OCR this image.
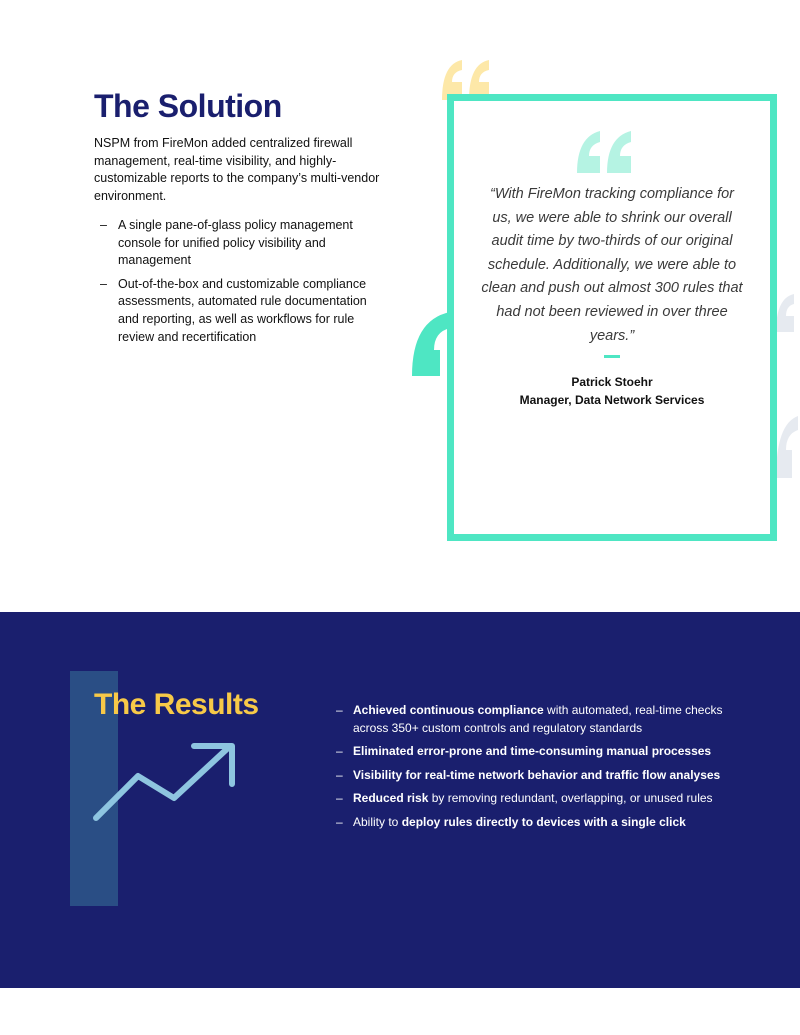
The Solution

NSPM from FireMon added centralized firewall management, real-time visibility, and highly-customizable reports to the company’s multi-vendor environment.

– A single pane-of-glass policy management console for unified policy visibility and management
– Out-of-the-box and customizable compliance assessments, automated rule documentation and reporting, as well as workflows for rule review and recertification

“With FireMon tracking compliance for us, we were able to shrink our overall audit time by two-thirds of our original schedule. Additionally, we were able to clean and push out almost 300 rules that had not been reviewed in over three years.”

Patrick Stoehr
Manager, Data Network Services
The Results	– Achieved continuous compliance with automated, real-time checks across 350+ custom controls and regulatory standards
– Eliminated error-prone and time-consuming manual processes
– Visibility for real-time network behavior and traffic flow analyses
– Reduced risk by removing redundant, overlapping, or unused rules
– Ability to deploy rules directly to devices with a single click
